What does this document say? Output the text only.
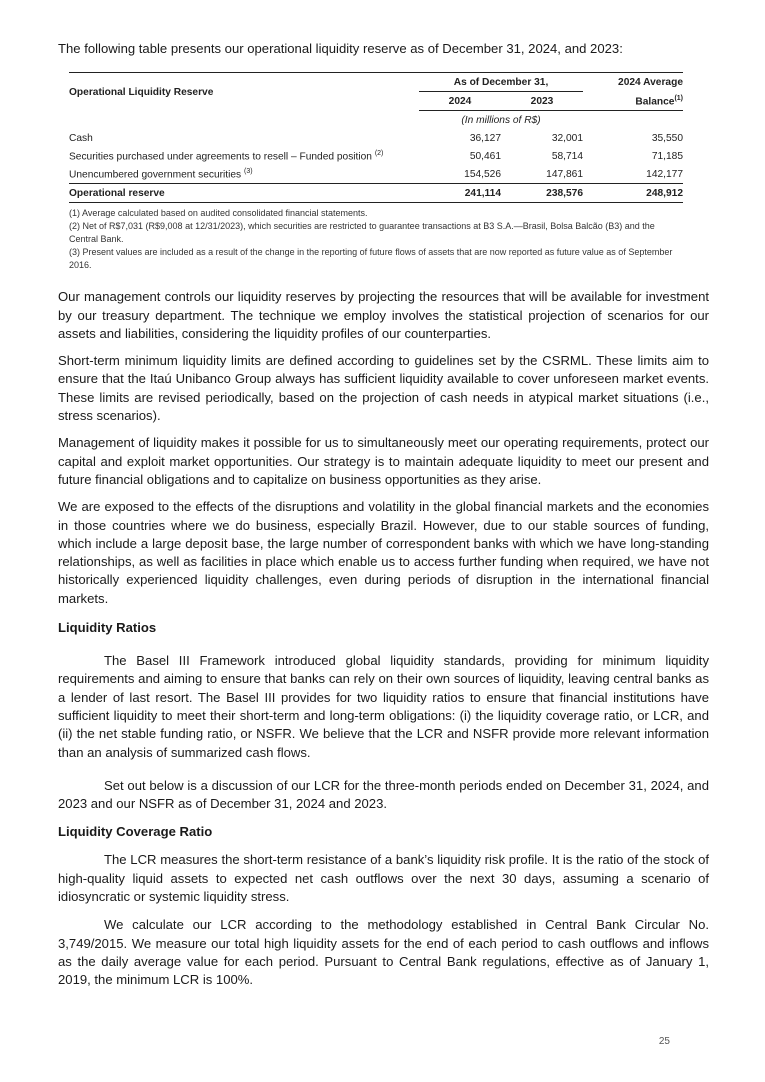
The following table presents our operational liquidity reserve as of December 31, 2024, and 2023:

Operational Liquidity Reserve	As of December 31,			2024 Average
	2024	2023		Balance$^{(1)}$
	(In millions of R$)			
Cash	36,127	32,001		35,550
Securities purchased under agreements to resell – Funded position $^{(2)}$	50,461	58,714		71,185
Unencumbered government securities $^{(3)}$	154,526	147,861		142,177
Operational reserve	241,114	238,576		248,912
(1) Average calculated based on audited consolidated financial statements.
(2) Net of R$7,031 (R$9,008 at 12/31/2023), which securities are restricted to guarantee transactions at B3 S.A.—Brasil, Bolsa Balcão (B3) and the Central Bank.
(3) Present values are included as a result of the change in the reporting of future flows of assets that are now reported as future value as of September 2016.

Our management controls our liquidity reserves by projecting the resources that will be available for investment by our treasury department. The technique we employ involves the statistical projection of scenarios for our assets and liabilities, considering the liquidity profiles of our counterparties.

Short-term minimum liquidity limits are defined according to guidelines set by the CSRML. These limits aim to ensure that the Itaú Unibanco Group always has sufficient liquidity available to cover unforeseen market events. These limits are revised periodically, based on the projection of cash needs in atypical market situations (i.e., stress scenarios).

Management of liquidity makes it possible for us to simultaneously meet our operating requirements, protect our capital and exploit market opportunities. Our strategy is to maintain adequate liquidity to meet our present and future financial obligations and to capitalize on business opportunities as they arise.

We are exposed to the effects of the disruptions and volatility in the global financial markets and the economies in those countries where we do business, especially Brazil. However, due to our stable sources of funding, which include a large deposit base, the large number of correspondent banks with which we have long-standing relationships, as well as facilities in place which enable us to access further funding when required, we have not historically experienced liquidity challenges, even during periods of disruption in the international financial markets.

Liquidity Ratios

The Basel III Framework introduced global liquidity standards, providing for minimum liquidity requirements and aiming to ensure that banks can rely on their own sources of liquidity, leaving central banks as a lender of last resort. The Basel III provides for two liquidity ratios to ensure that financial institutions have sufficient liquidity to meet their short-term and long-term obligations: (i) the liquidity coverage ratio, or LCR, and (ii) the net stable funding ratio, or NSFR. We believe that the LCR and NSFR provide more relevant information than an analysis of summarized cash flows.

Set out below is a discussion of our LCR for the three-month periods ended on December 31, 2024, and 2023 and our NSFR as of December 31, 2024 and 2023.

Liquidity Coverage Ratio

The LCR measures the short-term resistance of a bank’s liquidity risk profile. It is the ratio of the stock of high-quality liquid assets to expected net cash outflows over the next 30 days, assuming a scenario of idiosyncratic or systemic liquidity stress.

We calculate our LCR according to the methodology established in Central Bank Circular No. 3,749/2015. We measure our total high liquidity assets for the end of each period to cash outflows and inflows as the daily average value for each period. Pursuant to Central Bank regulations, effective as of January 1, 2019, the minimum LCR is 100%.

25
